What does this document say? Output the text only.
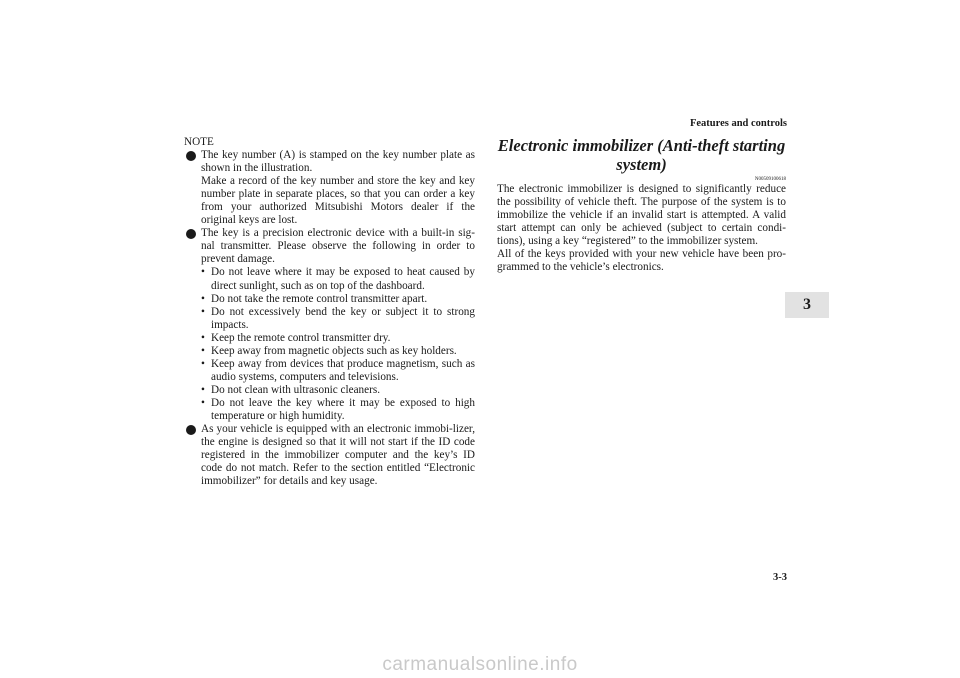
Features and controls
3

NOTE

The key number (A) is stamped on the key number plate as shown in the illustration.

Make a record of the key number and store the key and key number plate in separate places, so that you can order a key from your authorized Mitsubishi Motors dealer if the original keys are lost.

The key is a precision electronic device with a built-in sig-nal transmitter. Please observe the following in order to prevent damage.

• Do not leave where it may be exposed to heat caused by direct sunlight, such as on top of the dashboard.

• Do not take the remote control transmitter apart.

• Do not excessively bend the key or subject it to strong impacts.

• Keep the remote control transmitter dry.

• Keep away from magnetic objects such as key holders.

• Keep away from devices that produce magnetism, such as audio systems, computers and televisions.

• Do not clean with ultrasonic cleaners.

• Do not leave the key where it may be exposed to high temperature or high humidity.

As your vehicle is equipped with an electronic immobi-lizer, the engine is designed so that it will not start if the ID code registered in the immobilizer computer and the key’s ID code do not match. Refer to the section entitled “Electronic immobilizer” for details and key usage.

Electronic immobilizer (Anti-theft starting system)
N00509100618

The electronic immobilizer is designed to significantly reduce the possibility of vehicle theft. The purpose of the system is to immobilize the vehicle if an invalid start is attempted. A valid start attempt can only be achieved (subject to certain condi-tions), using a key “registered” to the immobilizer system.

All of the keys provided with your new vehicle have been pro-grammed to the vehicle’s electronics.

3-3
carmanualsonline.info
